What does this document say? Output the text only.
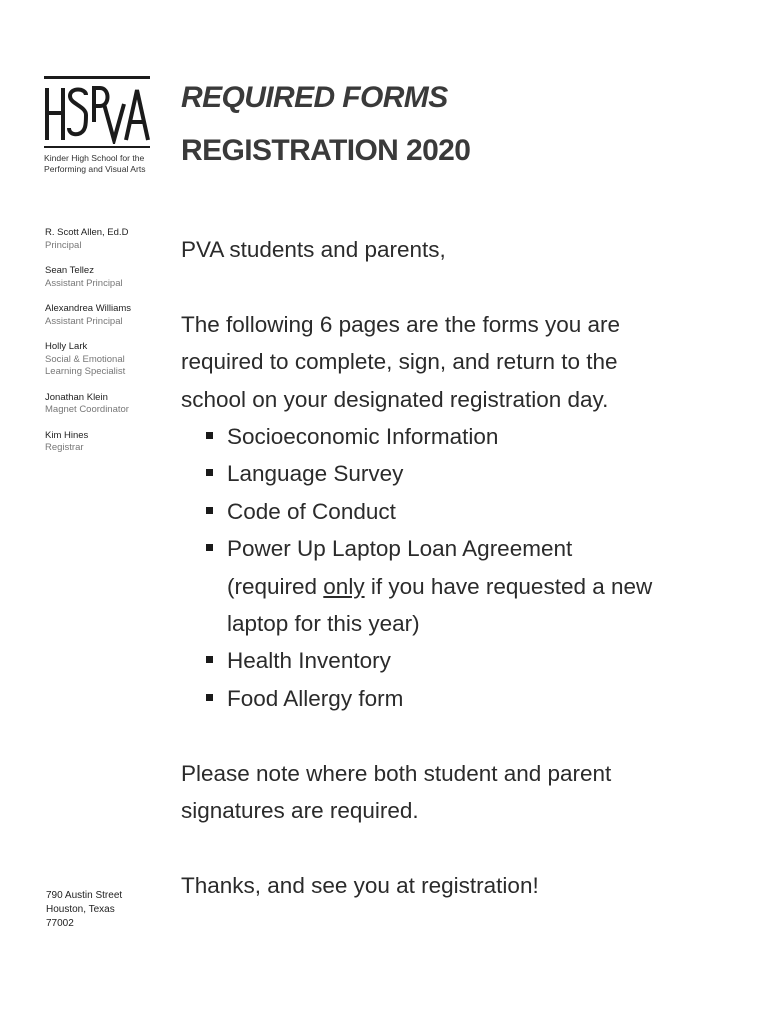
Kinder High School for the
Performing and Visual Arts
REQUIRED FORMS
REGISTRATION 2020
R. Scott Allen, Ed.D
Principal
Sean Tellez
Assistant Principal
Alexandrea Williams
Assistant Principal
Holly Lark
Social & Emotional
Learning Specialist
Jonathan Klein
Magnet Coordinator
Kim Hines
Registrar
790 Austin Street
Houston, Texas
77002

PVA students and parents,

The following 6 pages are the forms you are
required to complete, sign, and return to the
school on your designated registration day.

Socioeconomic Information
Language Survey
Code of Conduct
Power Up Laptop Loan Agreement
(required only if you have requested a new
laptop for this year)
Health Inventory
Food Allergy form

Please note where both student and parent
signatures are required.

Thanks, and see you at registration!
